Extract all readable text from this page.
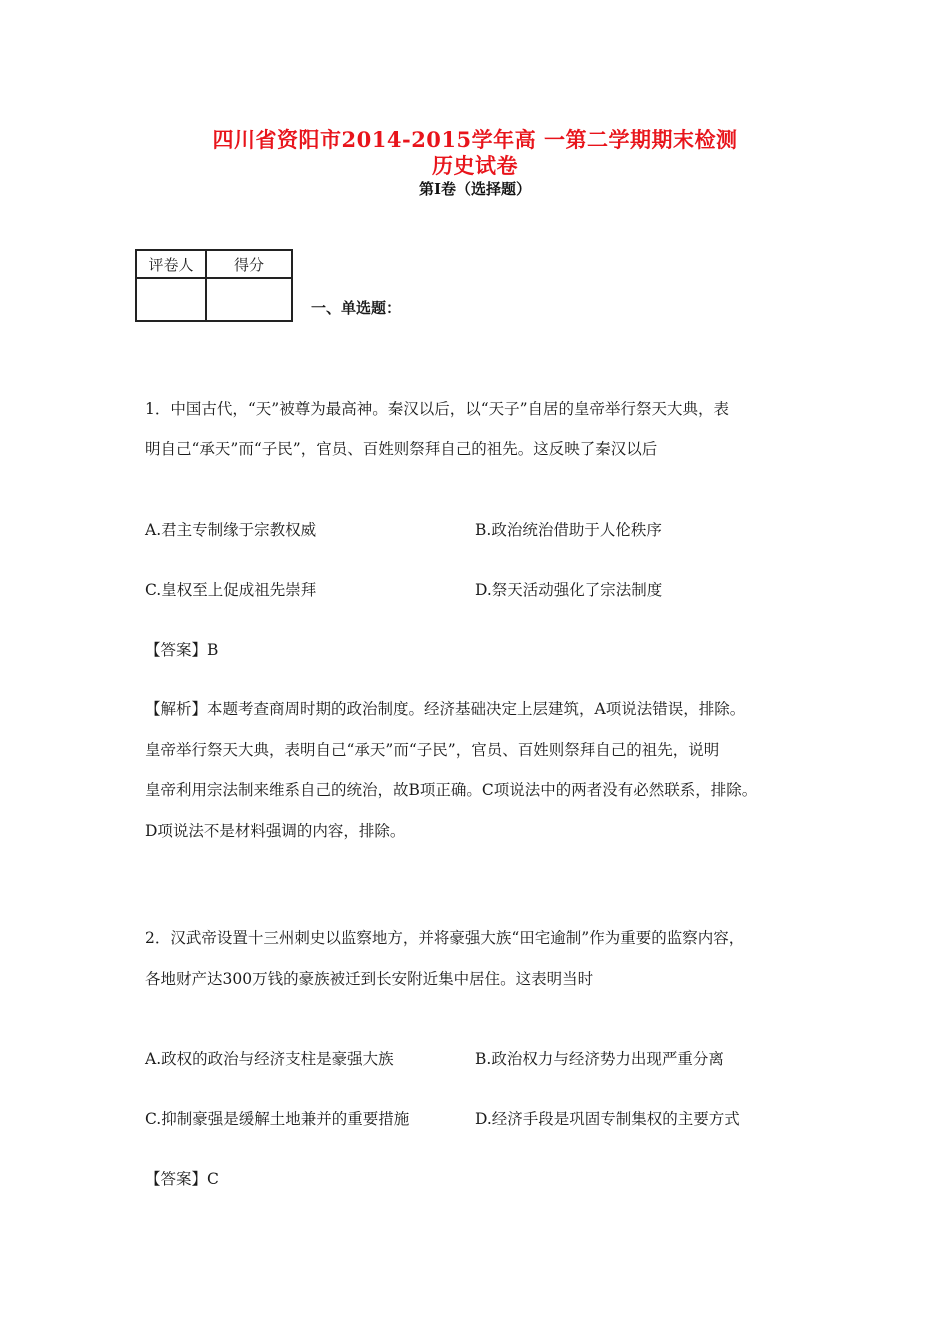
四川省资阳市2014-2015学年高 一第二学期期末检测
历史试卷
第Ⅰ卷（选择题）
评卷人	得分

一、单选题：
1．中国古代，“天”被尊为最高神。秦汉以后，以“天子”自居的皇帝举行祭天大典，表
明自己“承天”而“子民”，官员、百姓则祭拜自己的祖先。这反映了秦汉以后
A.君主专制缘于宗教权威	B.政治统治借助于人伦秩序
C.皇权至上促成祖先崇拜	D.祭天活动强化了宗法制度
【答案】B
【解析】本题考查商周时期的政治制度。经济基础决定上层建筑，A项说法错误，排除。
皇帝举行祭天大典，表明自己“承天”而“子民”，官员、百姓则祭拜自己的祖先，说明
皇帝利用宗法制来维系自己的统治，故B项正确。C项说法中的两者没有必然联系，排除。
D项说法不是材料强调的内容，排除。
2．汉武帝设置十三州刺史以监察地方，并将豪强大族“田宅逾制”作为重要的监察内容，
各地财产达300万钱的豪族被迁到长安附近集中居住。这表明当时
A.政权的政治与经济支柱是豪强大族	B.政治权力与经济势力出现严重分离
C.抑制豪强是缓解土地兼并的重要措施	D.经济手段是巩固专制集权的主要方式
【答案】C
